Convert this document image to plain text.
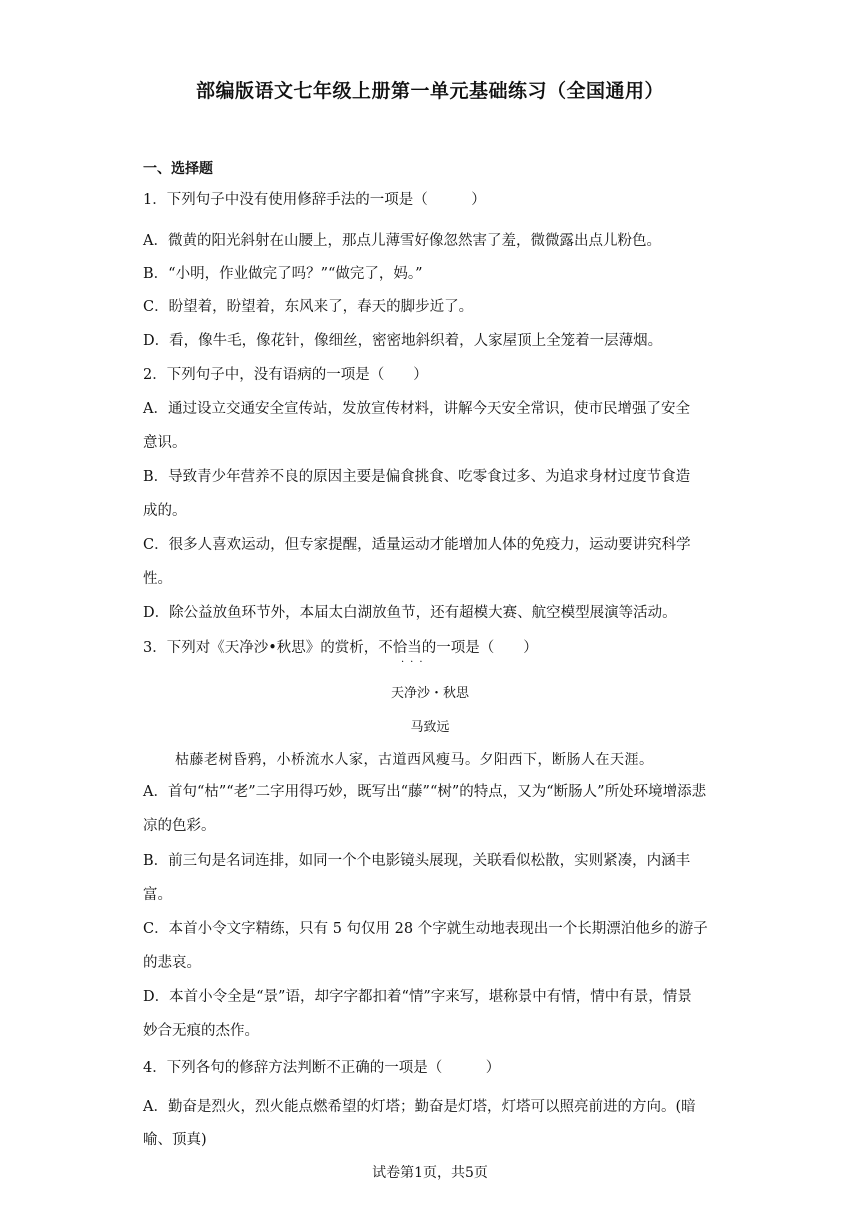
部编版语文七年级上册第一单元基础练习（全国通用）
一、选择题
1．下列句子中没有使用修辞手法的一项是（　　　）
A．微黄的阳光斜射在山腰上，那点儿薄雪好像忽然害了羞，微微露出点儿粉色。
B．“小明，作业做完了吗？”“做完了，妈。”
C．盼望着，盼望着，东风来了，春天的脚步近了。
D．看，像牛毛，像花针，像细丝，密密地斜织着，人家屋顶上全笼着一层薄烟。
2．下列句子中，没有语病的一项是（　　）
A．通过设立交通安全宣传站，发放宣传材料，讲解今天安全常识，使市民增强了安全
意识。
B．导致青少年营养不良的原因主要是偏食挑食、吃零食过多、为追求身材过度节食造
成的。
C．很多人喜欢运动，但专家提醒，适量运动才能增加人体的免疫力，运动要讲究科学
性。
D．除公益放鱼环节外，本届太白湖放鱼节，还有超模大赛、航空模型展演等活动。
3．下列对《天净沙•秋思》的赏析，不恰当的一项是（　　）
···
天净沙・秋思
马致远
枯藤老树昏鸦，小桥流水人家，古道西风瘦马。夕阳西下，断肠人在天涯。
A．首句“枯”“老”二字用得巧妙，既写出“藤”“树”的特点，又为“断肠人”所处环境增添悲
凉的色彩。
B．前三句是名词连排，如同一个个电影镜头展现，关联看似松散，实则紧凑，内涵丰
富。
C．本首小令文字精练，只有 5 句仅用 28 个字就生动地表现出一个长期漂泊他乡的游子
的悲哀。
D．本首小令全是“景”语，却字字都扣着“情”字来写，堪称景中有情，情中有景，情景
妙合无痕的杰作。
4．下列各句的修辞方法判断不正确的一项是（　　　）
A．勤奋是烈火，烈火能点燃希望的灯塔；勤奋是灯塔，灯塔可以照亮前进的方向。(暗
喻、顶真)
试卷第1页，共5页
